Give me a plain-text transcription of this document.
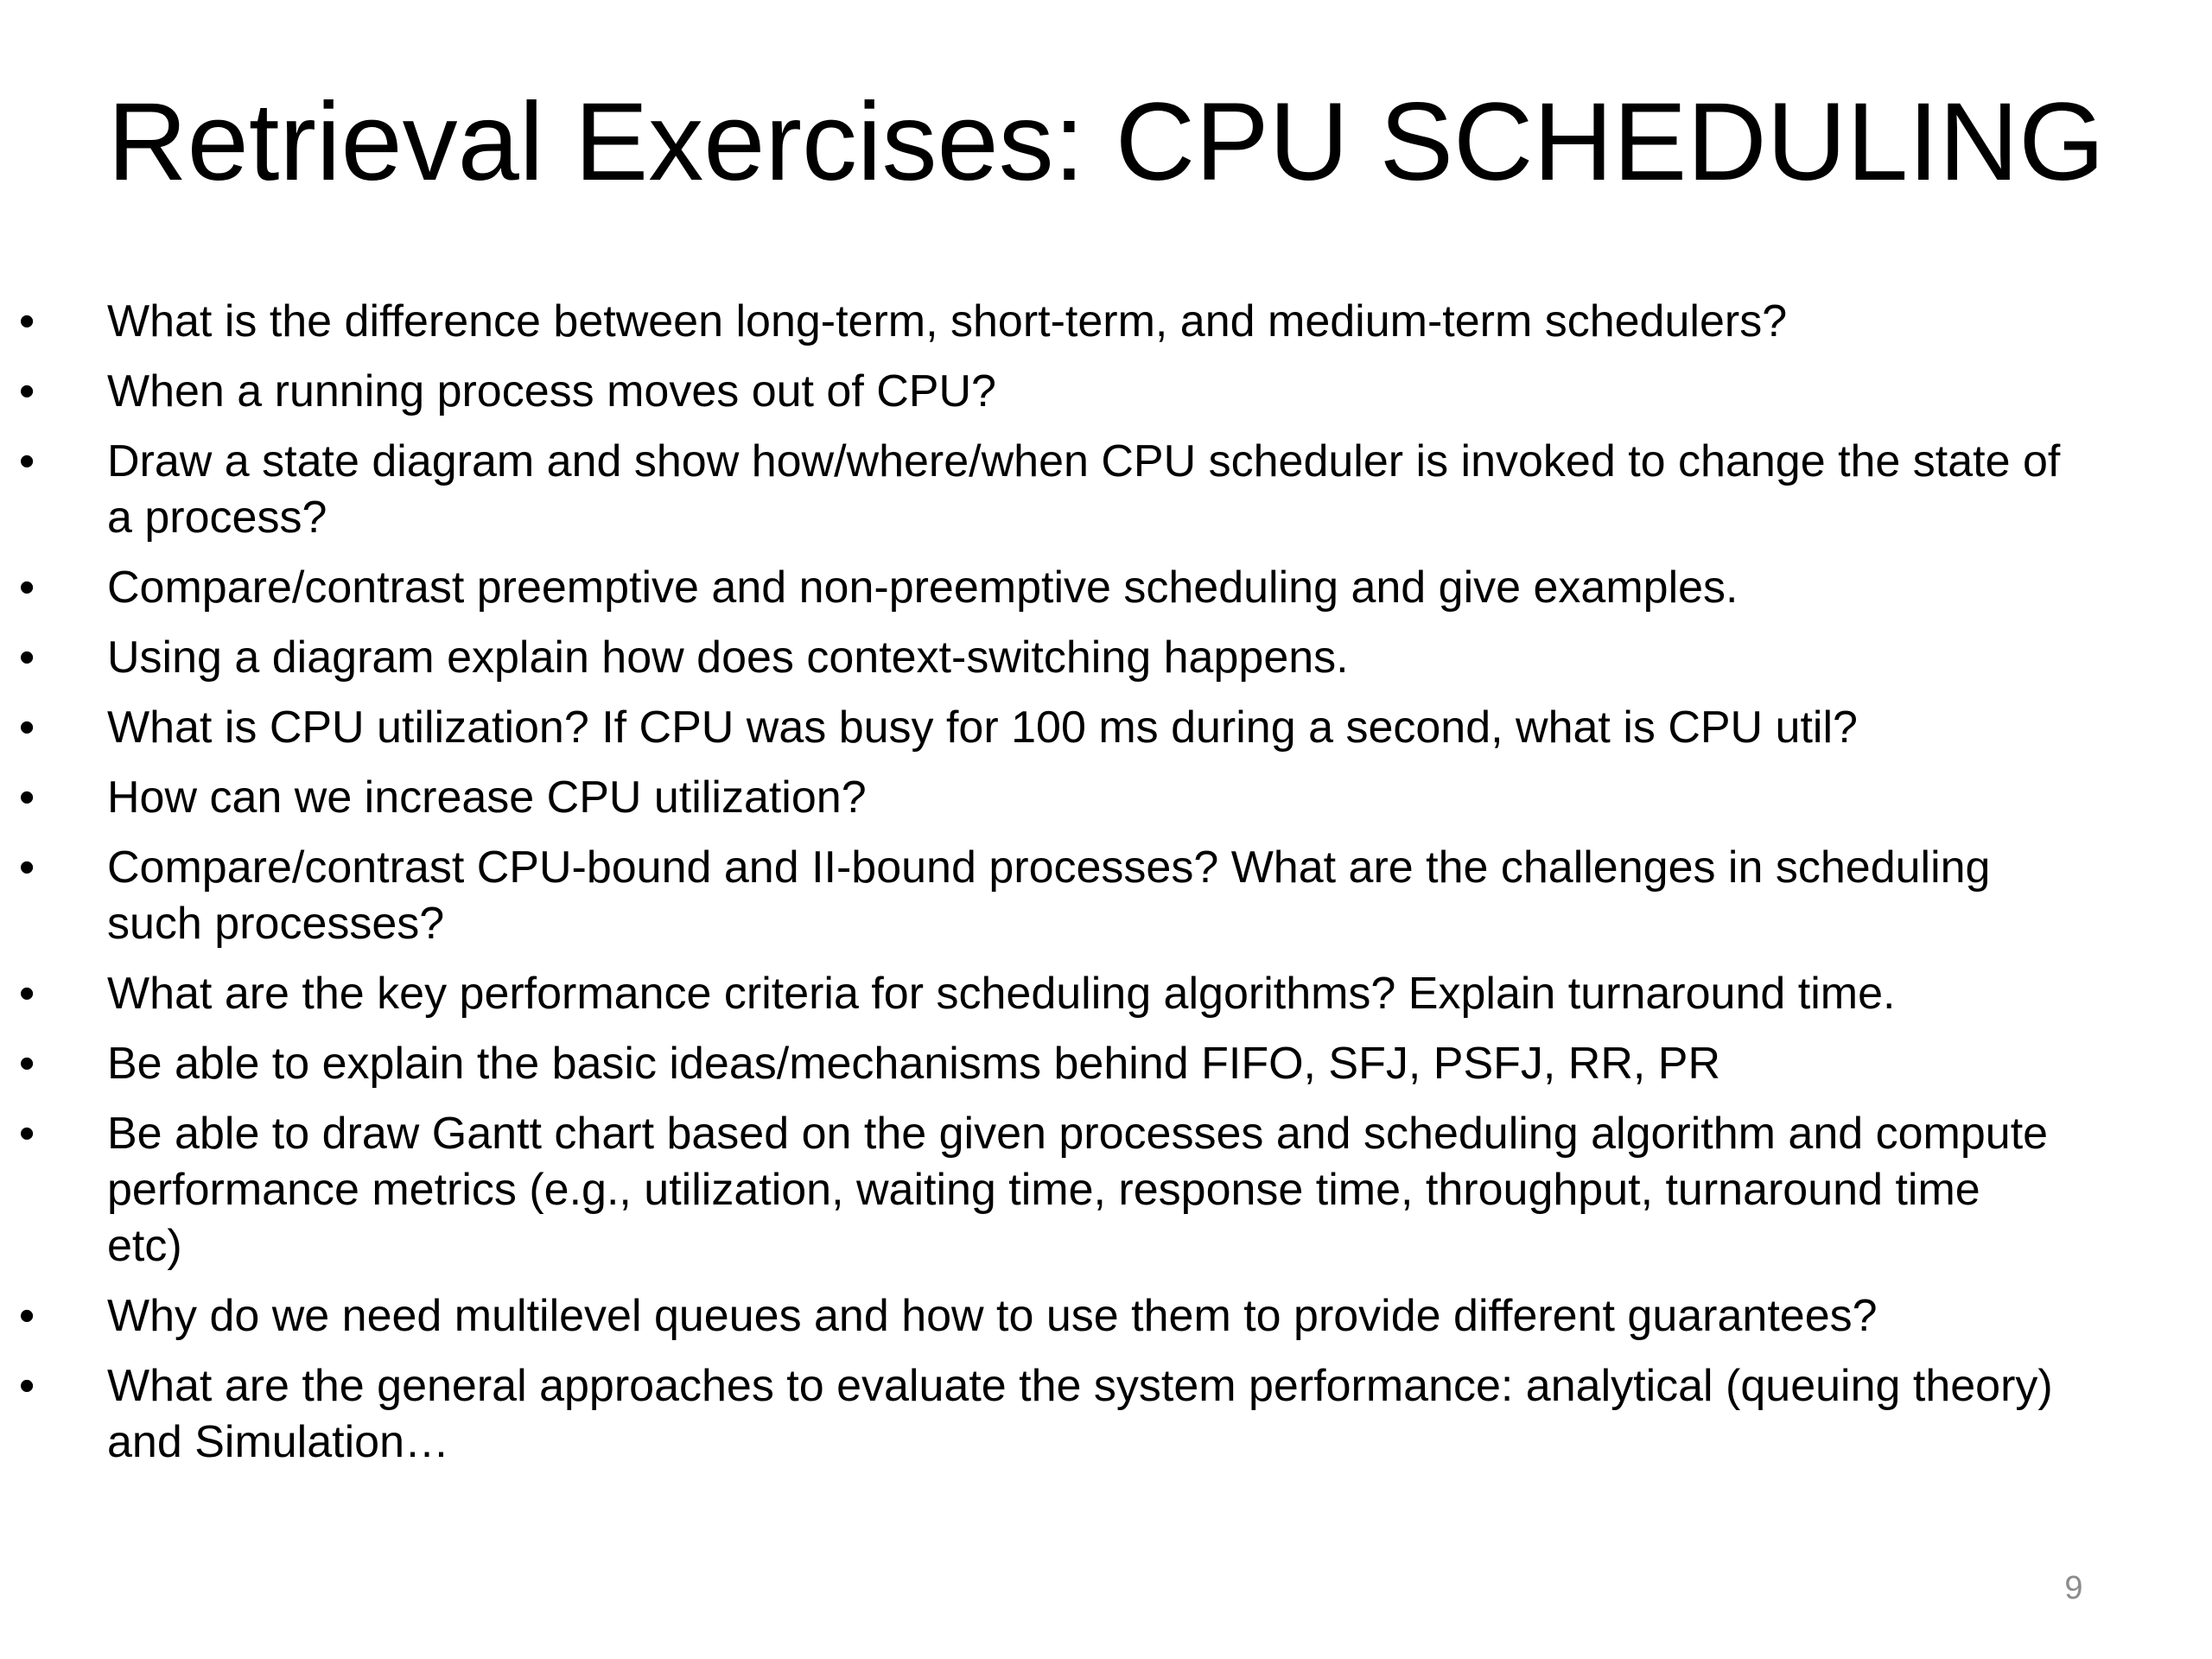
Retrieval Exercises: CPU SCHEDULING
•	What is the difference between long-term, short-term, and medium-term schedulers?
•	When a running process moves out of CPU?
•	Draw a state diagram and show how/where/when CPU scheduler is invoked to change the state of
a process?
•	Compare/contrast preemptive and non-preemptive scheduling and give examples.
•	Using a diagram explain how does context-switching happens.
•	What is CPU utilization? If CPU was busy for 100 ms during a second, what is CPU util?
•	How can we increase CPU utilization?
•	Compare/contrast CPU-bound and II-bound processes? What are the challenges in scheduling
such processes?
•	What are the key performance criteria for scheduling algorithms? Explain turnaround time.
•	Be able to explain the basic ideas/mechanisms behind FIFO, SFJ, PSFJ, RR, PR
•	Be able to draw Gantt chart based on the given processes and scheduling algorithm and compute
performance metrics (e.g., utilization, waiting time, response time, throughput, turnaround time
etc)
•	Why do we need multilevel queues and how to use them to provide different guarantees?
•	What are the general approaches to evaluate the system performance: analytical (queuing theory)
and Simulation…
9
